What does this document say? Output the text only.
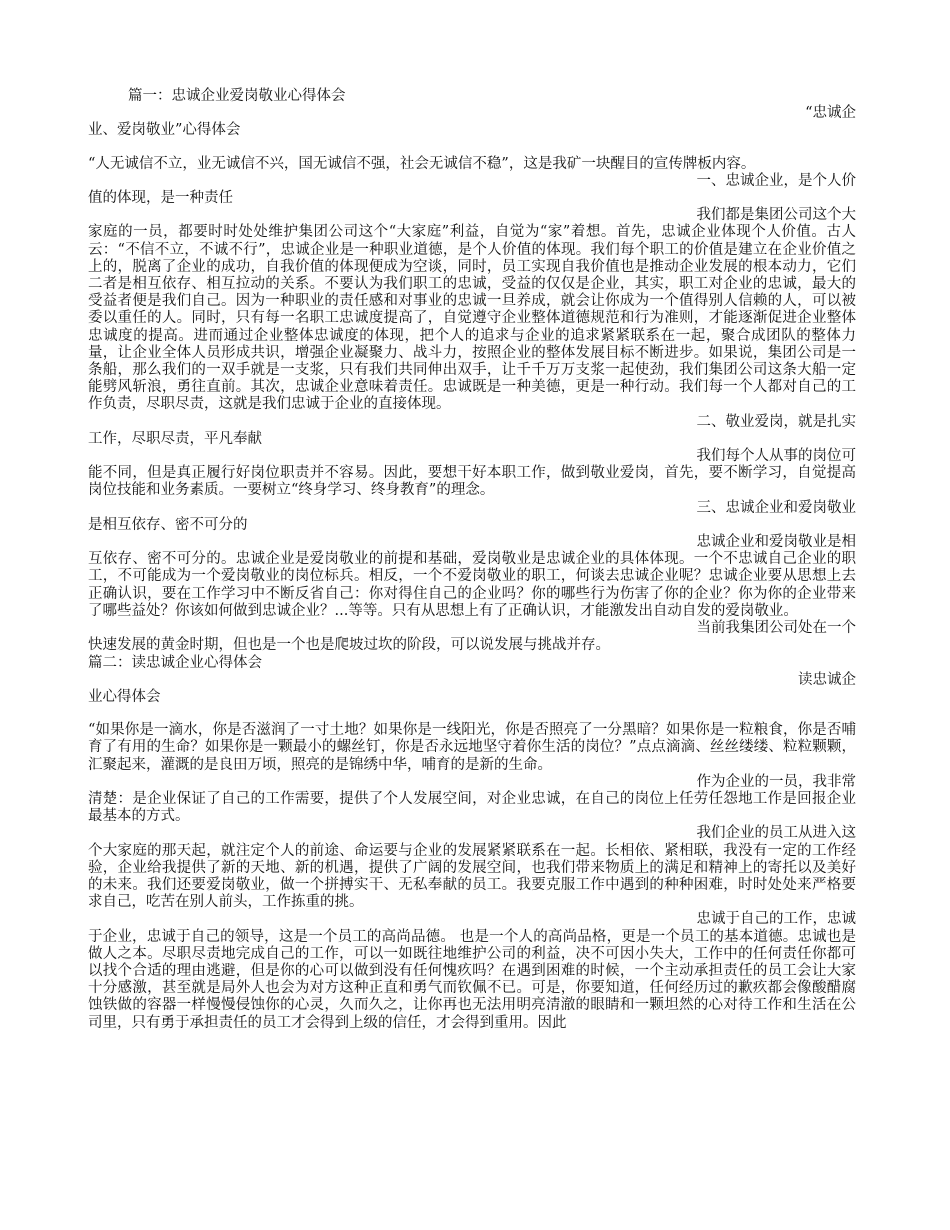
篇一：忠诚企业爱岗敬业心得体会

“忠诚企

业、爱岗敬业”心得体会

“人无诚信不立，业无诚信不兴，国无诚信不强，社会无诚信不稳”，这是我矿一块醒目的宣传牌板内容。

一、忠诚企业，是个人价

值的体现，是一种责任

我们都是集团公司这个大

家庭的一员，都要时时处处维护集团公司这个“大家庭”利益，自觉为“家”着想。首先，忠诚企业体现个人价值。古人云：“不信不立，不诚不行”，忠诚企业是一种职业道德，是个人价值的体现。我们每个职工的价值是建立在企业价值之上的，脱离了企业的成功，自我价值的体现便成为空谈，同时，员工实现自我价值也是推动企业发展的根本动力，它们二者是相互依存、相互拉动的关系。不要认为我们职工的忠诚，受益的仅仅是企业，其实，职工对企业的忠诚，最大的受益者便是我们自己。因为一种职业的责任感和对事业的忠诚一旦养成，就会让你成为一个值得别人信赖的人，可以被委以重任的人。同时，只有每一名职工忠诚度提高了，自觉遵守企业整体道德规范和行为准则，才能逐渐促进企业整体忠诚度的提高。进而通过企业整体忠诚度的体现，把个人的追求与企业的追求紧紧联系在一起，聚合成团队的整体力量，让企业全体人员形成共识，增强企业凝聚力、战斗力，按照企业的整体发展目标不断进步。如果说，集团公司是一条船，那么我们的一双手就是一支浆，只有我们共同伸出双手，让千千万万支浆一起使劲，我们集团公司这条大船一定能劈风斩浪，勇往直前。其次，忠诚企业意味着责任。忠诚既是一种美德，更是一种行动。我们每一个人都对自己的工作负责，尽职尽责，这就是我们忠诚于企业的直接体现。

二、敬业爱岗，就是扎实

工作，尽职尽责，平凡奉献

我们每个人从事的岗位可

能不同，但是真正履行好岗位职责并不容易。因此，要想干好本职工作，做到敬业爱岗，首先，要不断学习，自觉提高岗位技能和业务素质。一要树立“终身学习、终身教育”的理念。

三、忠诚企业和爱岗敬业

是相互依存、密不可分的

忠诚企业和爱岗敬业是相

互依存、密不可分的。忠诚企业是爱岗敬业的前提和基础，爱岗敬业是忠诚企业的具体体现。一个不忠诚自己企业的职工，不可能成为一个爱岗敬业的岗位标兵。相反，一个不爱岗敬业的职工，何谈去忠诚企业呢？忠诚企业要从思想上去正确认识，要在工作学习中不断反省自己：你对得住自己的企业吗？你的哪些行为伤害了你的企业？你为你的企业带来了哪些益处？你该如何做到忠诚企业？...等等。只有从思想上有了正确认识，才能激发出自动自发的爱岗敬业。

当前我集团公司处在一个

快速发展的黄金时期，但也是一个也是爬坡过坎的阶段，可以说发展与挑战并存。

篇二：读忠诚企业心得体会

读忠诚企

业心得体会

“如果你是一滴水，你是否滋润了一寸土地？如果你是一线阳光，你是否照亮了一分黑暗？如果你是一粒粮食，你是否哺育了有用的生命？如果你是一颗最小的螺丝钉，你是否永远地坚守着你生活的岗位？”点点滴滴、丝丝缕缕、粒粒颗颗，汇聚起来，灌溉的是良田万顷，照亮的是锦绣中华，哺育的是新的生命。

作为企业的一员，我非常

清楚：是企业保证了自己的工作需要，提供了个人发展空间，对企业忠诚，在自己的岗位上任劳任怨地工作是回报企业最基本的方式。

我们企业的员工从进入这

个大家庭的那天起，就注定个人的前途、命运要与企业的发展紧紧联系在一起。长相依、紧相联，我没有一定的工作经验，企业给我提供了新的天地、新的机遇，提供了广阔的发展空间，也我们带来物质上的满足和精神上的寄托以及美好的未来。我们还要爱岗敬业，做一个拼搏实干、无私奉献的员工。我要克服工作中遇到的种种困难，时时处处来严格要求自己，吃苦在别人前头，工作拣重的挑。

忠诚于自己的工作，忠诚

于企业，忠诚于自己的领导，这是一个员工的高尚品德。 也是一个人的高尚品格，更是一个员工的基本道德。忠诚也是做人之本。尽职尽责地完成自己的工作，可以一如既往地维护公司的利益，决不可因小失大，工作中的任何责任你都可以找个合适的理由逃避，但是你的心可以做到没有任何愧疚吗？在遇到困难的时候，一个主动承担责任的员工会让大家十分感激，甚至就是局外人也会为对方这种正直和勇气而钦佩不已。可是，你要知道，任何经历过的歉疚都会像酸醋腐蚀铁做的容器一样慢慢侵蚀你的心灵，久而久之，让你再也无法用明亮清澈的眼睛和一颗坦然的心对待工作和生活在公司里，只有勇于承担责任的员工才会得到上级的信任，才会得到重用。因此
